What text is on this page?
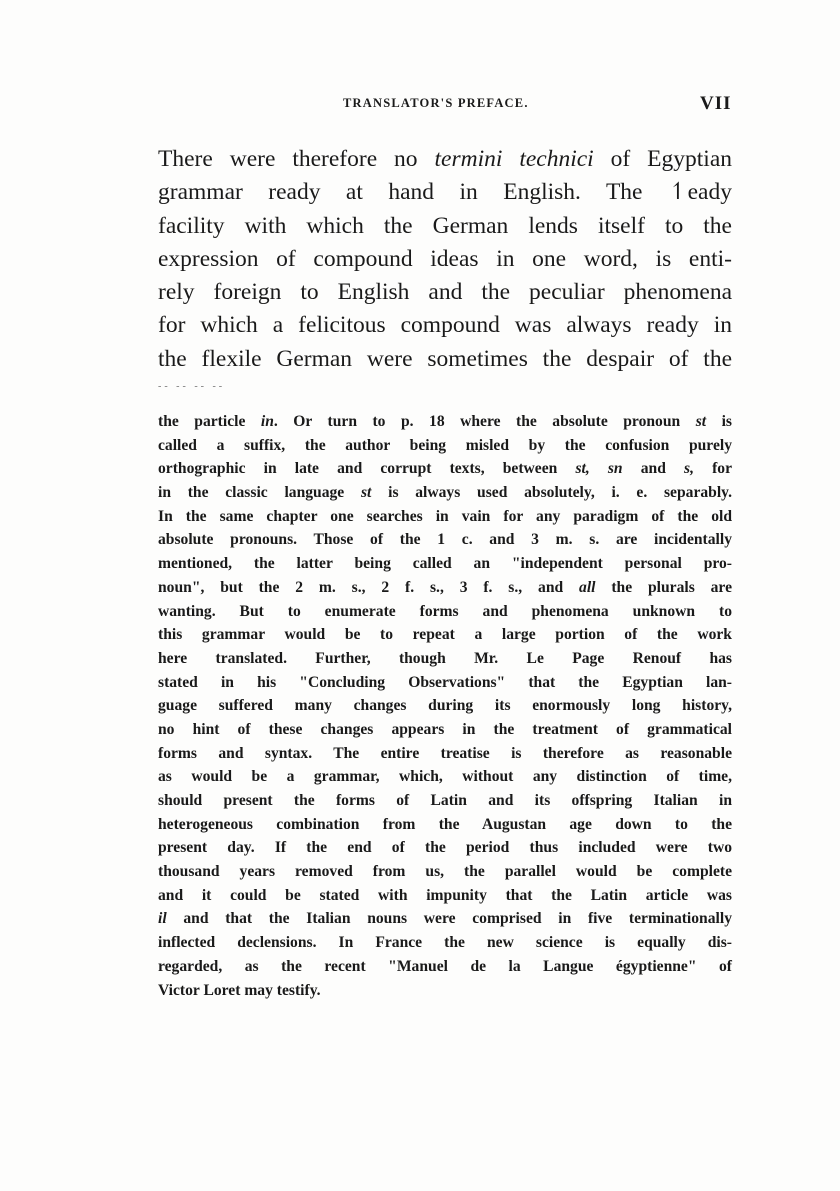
TRANSLATOR'S PREFACE.	VII
There were therefore no termini technici of Egyptian
grammar ready at hand in English. The ↿eady
facility with which the German lends itself to the
expression of compound ideas in one word, is enti-
rely foreign to English and the peculiar phenomena
for which a felicitous compound was always ready in
the flexile German were sometimes the despair of the
-- -- -- --
the particle in. Or turn to p. 18 where the absolute pronoun st is
called a suffix, the author being misled by the confusion purely
orthographic in late and corrupt texts, between st, sn and s, for
in the classic language st is always used absolutely, i. e. separably.
In the same chapter one searches in vain for any paradigm of the old
absolute pronouns. Those of the 1 c. and 3 m. s. are incidentally
mentioned, the latter being called an "independent personal pro-
noun", but the 2 m. s., 2 f. s., 3 f. s., and all the plurals are
wanting. But to enumerate forms and phenomena unknown to
this grammar would be to repeat a large portion of the work
here translated. Further, though Mr. Le Page Renouf has
stated in his "Concluding Observations" that the Egyptian lan-
guage suffered many changes during its enormously long history,
no hint of these changes appears in the treatment of grammatical
forms and syntax. The entire treatise is therefore as reasonable
as would be a grammar, which, without any distinction of time,
should present the forms of Latin and its offspring Italian in
heterogeneous combination from the Augustan age down to the
present day. If the end of the period thus included were two
thousand years removed from us, the parallel would be complete
and it could be stated with impunity that the Latin article was
il and that the Italian nouns were comprised in five terminationally
inflected declensions. In France the new science is equally dis-
regarded, as the recent "Manuel de la Langue égyptienne" of
Victor Loret may testify.
